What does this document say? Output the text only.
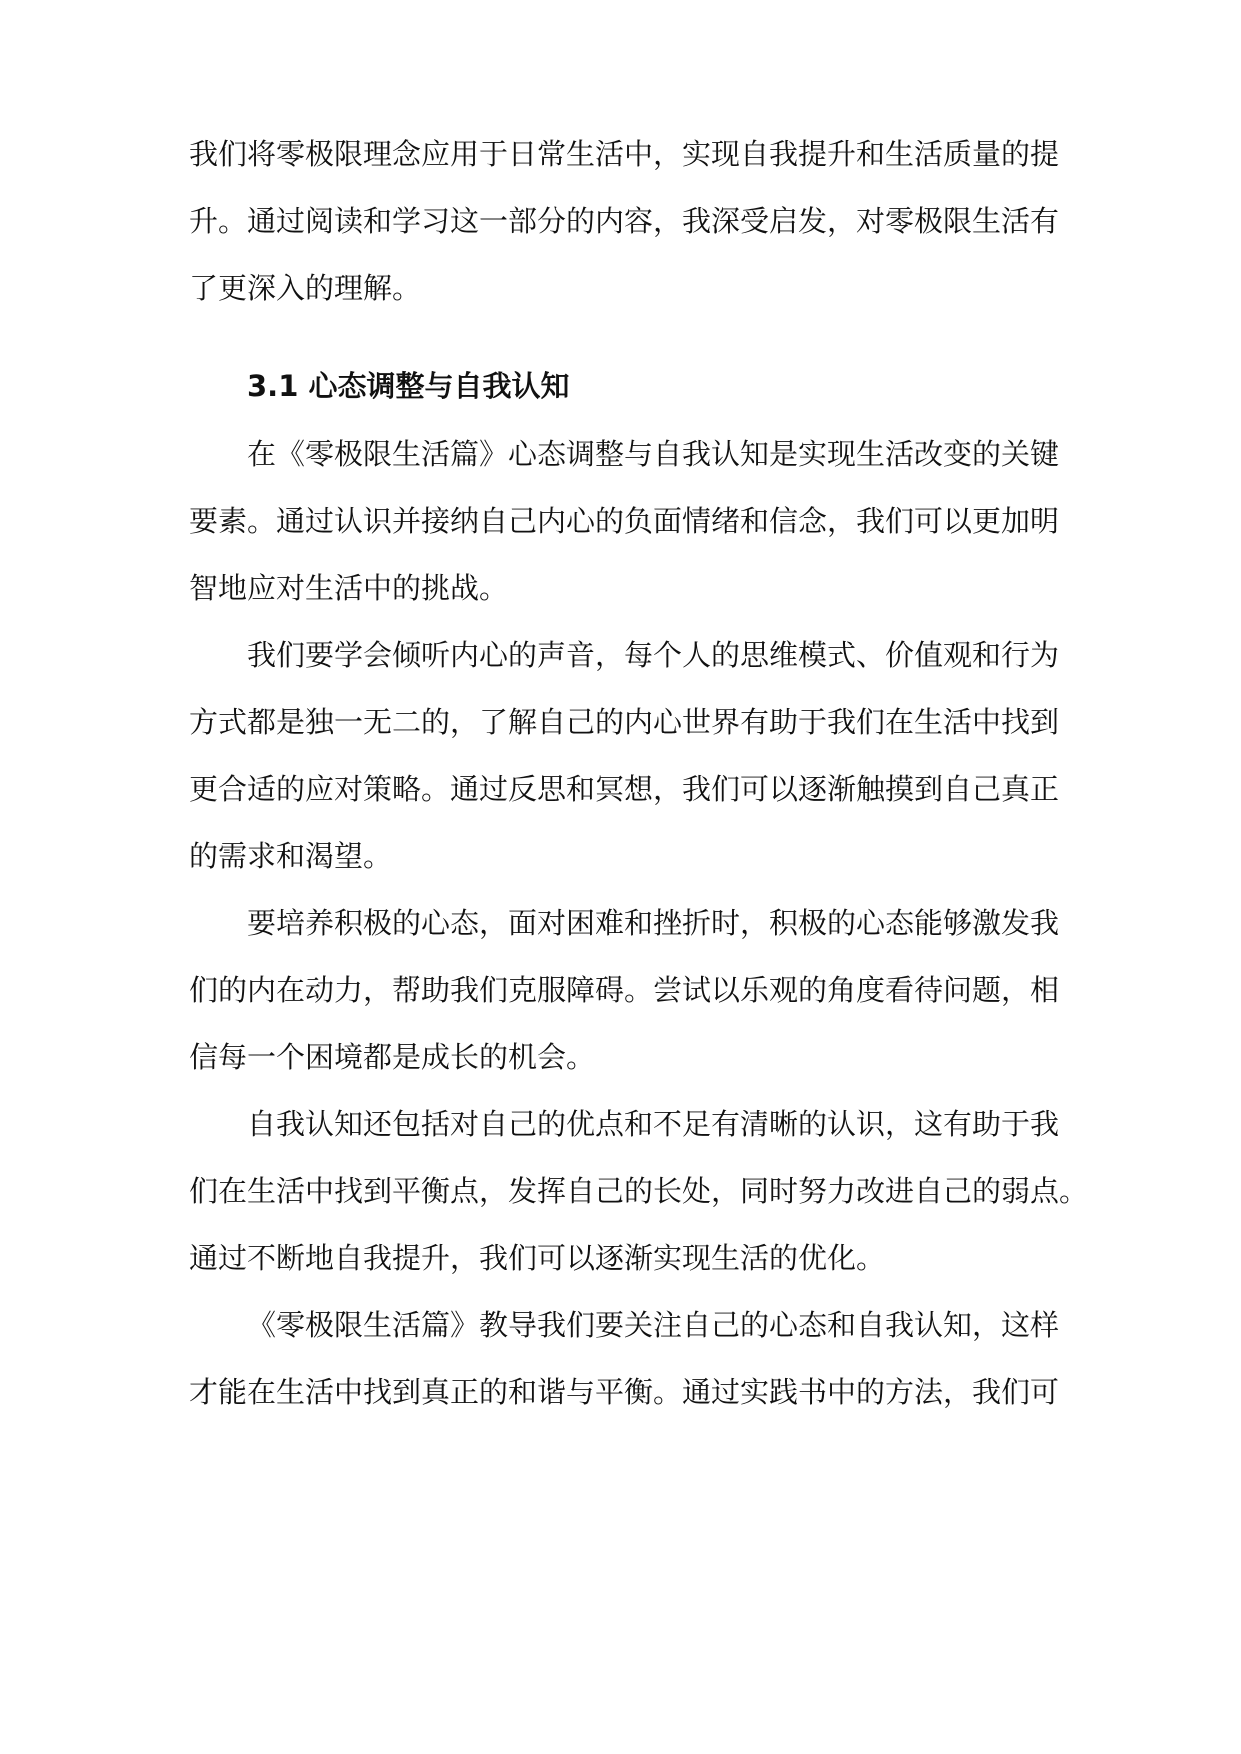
我们将零极限理念应用于日常生活中，实现自我提升和生活质量的提
升。通过阅读和学习这一部分的内容，我深受启发，对零极限生活有
了更深入的理解。
3.1 心态调整与自我认知
在《零极限生活篇》心态调整与自我认知是实现生活改变的关键
要素。通过认识并接纳自己内心的负面情绪和信念，我们可以更加明
智地应对生活中的挑战。
我们要学会倾听内心的声音，每个人的思维模式、价值观和行为
方式都是独一无二的，了解自己的内心世界有助于我们在生活中找到
更合适的应对策略。通过反思和冥想，我们可以逐渐触摸到自己真正
的需求和渴望。
要培养积极的心态，面对困难和挫折时，积极的心态能够激发我
们的内在动力，帮助我们克服障碍。尝试以乐观的角度看待问题，相
信每一个困境都是成长的机会。
自我认知还包括对自己的优点和不足有清晰的认识，这有助于我
们在生活中找到平衡点，发挥自己的长处，同时努力改进自己的弱点。
通过不断地自我提升，我们可以逐渐实现生活的优化。
《零极限生活篇》教导我们要关注自己的心态和自我认知，这样
才能在生活中找到真正的和谐与平衡。通过实践书中的方法，我们可
